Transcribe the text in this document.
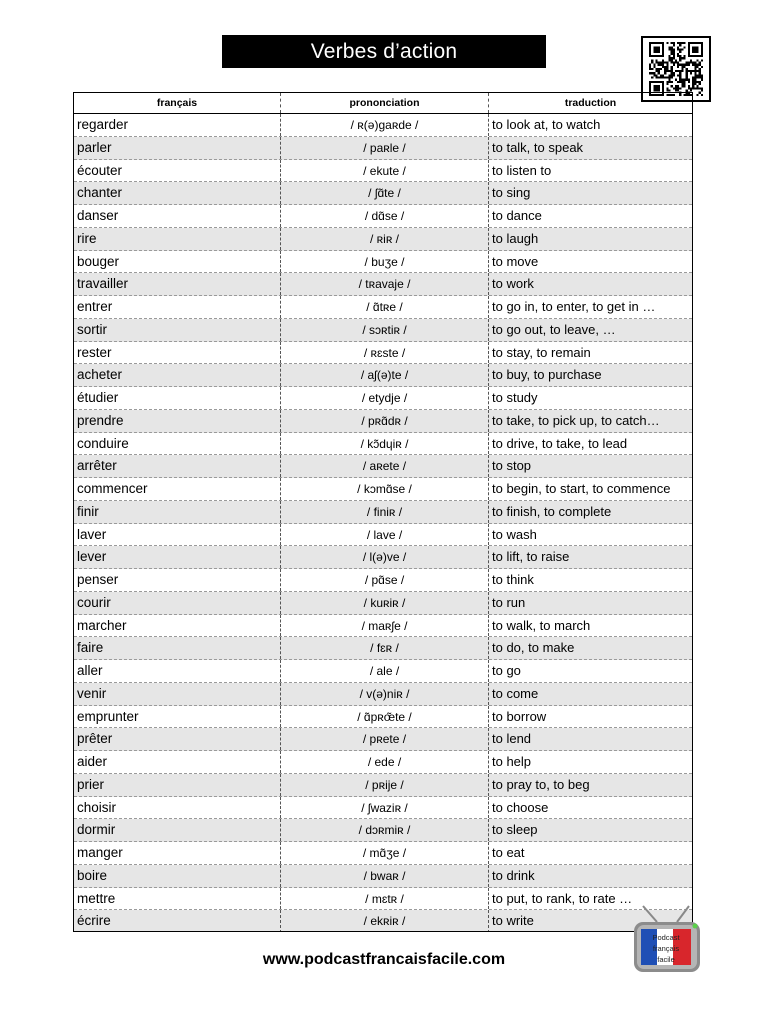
Verbes d’action
français	prononciation	traduction
regarder	/ ʀ(ə)gaʀde /	to look at, to watch
parler	/ paʀle /	to talk, to speak
écouter	/ ekute /	to listen to
chanter	/ ʃɑ̃te /	to sing
danser	/ dɑ̃se /	to dance
rire	/ ʀiʀ /	to laugh
bouger	/ buʒe /	to move
travailler	/ tʀavaje /	to work
entrer	/ ɑ̃tʀe /	to go in, to enter, to get in …
sortir	/ sɔʀtiʀ /	to go out, to leave, …
rester	/ ʀɛste /	to stay, to remain
acheter	/ aʃ(ə)te /	to buy, to purchase
étudier	/ etydje /	to study
prendre	/ pʀɑ̃dʀ /	to take, to pick up, to catch…
conduire	/ kɔ̃dɥiʀ /	to drive, to take, to lead
arrêter	/ aʀete /	to stop
commencer	/ kɔmɑ̃se /	to begin, to start, to commence
finir	/ finiʀ /	to finish, to complete
laver	/ lave /	to wash
lever	/ l(ə)ve /	to lift, to raise
penser	/ pɑ̃se /	to think
courir	/ kuʀiʀ /	to run
marcher	/ maʀʃe /	to walk, to march
faire	/ fɛʀ /	to do, to make
aller	/ ale /	to go
venir	/ v(ə)niʀ /	to come
emprunter	/ ɑ̃pʀœ̃te /	to borrow
prêter	/ pʀete /	to lend
aider	/ ede /	to help
prier	/ pʀije /	to pray to, to beg
choisir	/ ʃwaziʀ /	to choose
dormir	/ dɔʀmiʀ /	to sleep
manger	/ mɑ̃ʒe /	to eat
boire	/ bwaʀ /	to drink
mettre	/ mɛtʀ /	to put, to rank, to rate …
écrire	/ ekʀiʀ /	to write
www.podcastfrancaisfacile.com
Podcast
français
facile
